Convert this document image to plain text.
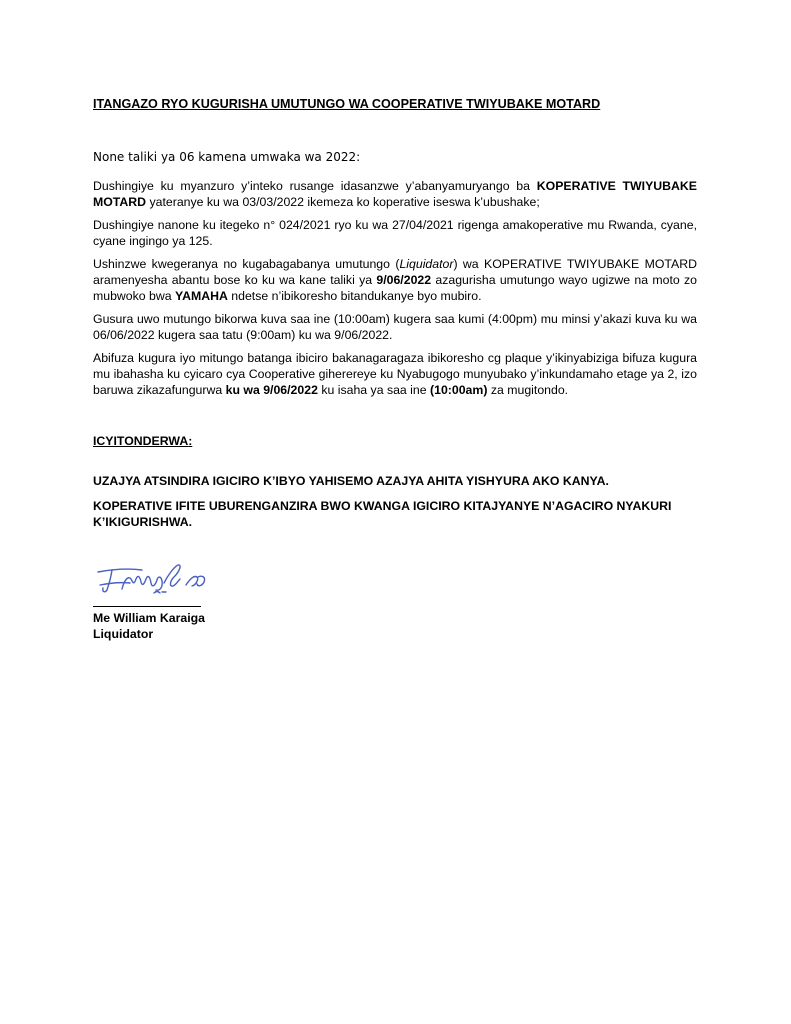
ITANGAZO RYO KUGURISHA UMUTUNGO WA COOPERATIVE TWIYUBAKE MOTARD

None taliki ya 06 kamena umwaka wa 2022:

Dushingiye ku myanzuro y’inteko rusange idasanzwe y’abanyamuryango ba KOPERATIVE TWIYUBAKE MOTARD yateranye ku wa 03/03/2022 ikemeza ko koperative iseswa k’ubushake;

Dushingiye nanone ku itegeko n° 024/2021 ryo ku wa 27/04/2021 rigenga amakoperative mu Rwanda, cyane, cyane ingingo ya 125.

Ushinzwe kwegeranya no kugabagabanya umutungo (Liquidator) wa KOPERATIVE TWIYUBAKE MOTARD aramenyesha abantu bose ko ku wa kane taliki ya 9/06/2022 azagurisha umutungo wayo ugizwe na moto zo mubwoko bwa YAMAHA ndetse n’ibikoresho bitandukanye byo mubiro.

Gusura uwo mutungo bikorwa kuva saa ine (10:00am) kugera saa kumi (4:00pm) mu minsi y’akazi kuva ku wa 06/06/2022 kugera saa tatu (9:00am) ku wa 9/06/2022.

Abifuza kugura iyo mitungo batanga ibiciro bakanagaragaza ibikoresho cg plaque y’ikinyabiziga bifuza kugura mu ibahasha ku cyicaro cya Cooperative giherereye ku Nyabugogo munyubako y’inkundamaho etage ya 2, izo baruwa zikazafungurwa ku wa 9/06/2022 ku isaha ya saa ine (10:00am) za mugitondo.

ICYITONDERWA:

UZAJYA ATSINDIRA IGICIRO K’IBYO YAHISEMO AZAJYA AHITA YISHYURA AKO KANYA.

KOPERATIVE IFITE UBURENGANZIRA BWO KWANGA IGICIRO KITAJYANYE N’AGACIRO NYAKURI K’IKIGURISHWA.

Me William Karaiga
Liquidator
